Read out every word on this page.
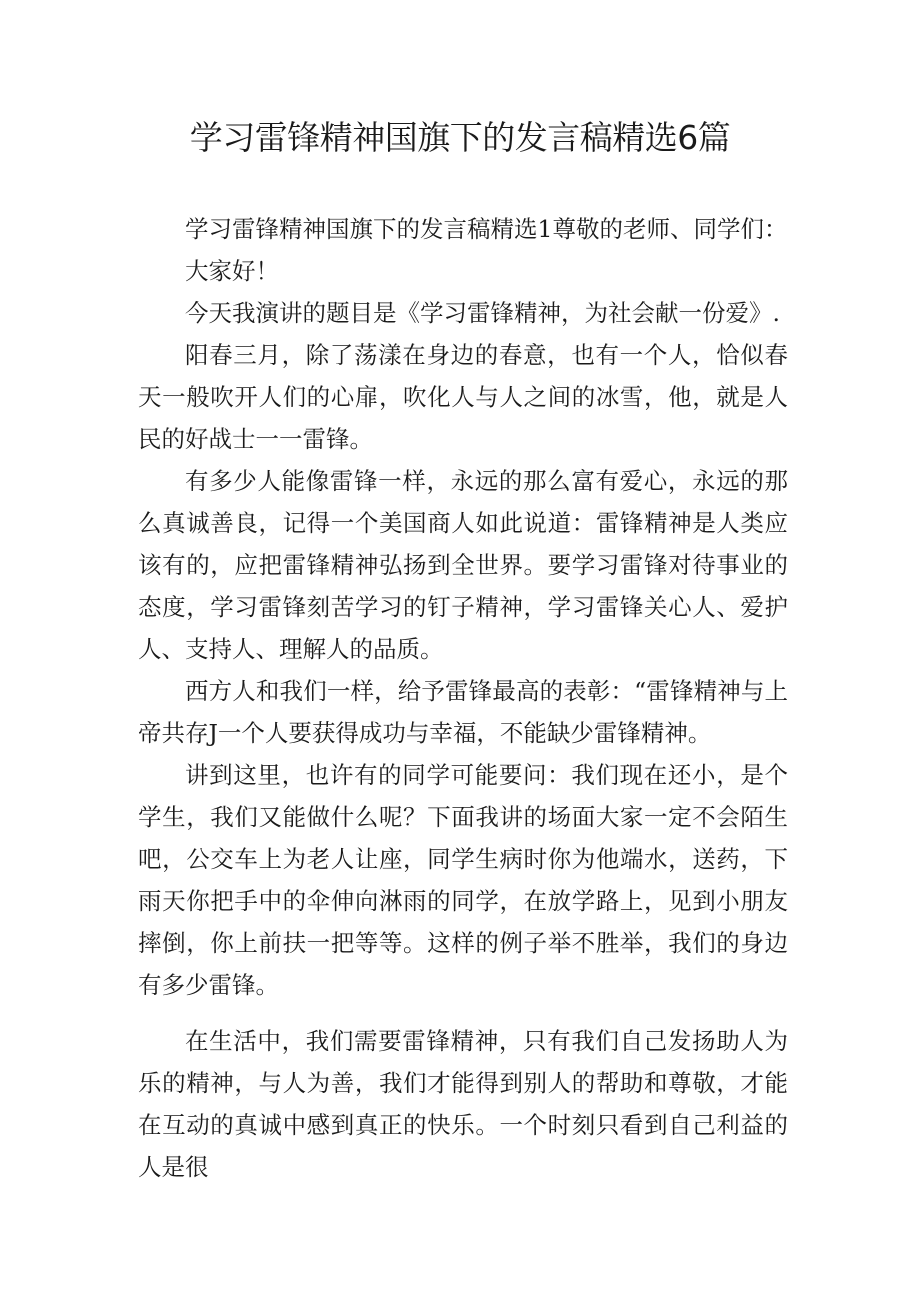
学习雷锋精神国旗下的发言稿精选6篇

学习雷锋精神国旗下的发言稿精选1尊敬的老师、同学们：

大家好！

今天我演讲的题目是《学习雷锋精神，为社会献一份爱》.

阳春三月，除了荡漾在身边的春意，也有一个人，恰似春天一般吹开人们的心扉，吹化人与人之间的冰雪，他，就是人民的好战士一一雷锋。

有多少人能像雷锋一样，永远的那么富有爱心，永远的那么真诚善良，记得一个美国商人如此说道：雷锋精神是人类应该有的，应把雷锋精神弘扬到全世界。要学习雷锋对待事业的态度，学习雷锋刻苦学习的钉子精神，学习雷锋关心人、爱护人、支持人、理解人的品质。

西方人和我们一样，给予雷锋最高的表彰：“雷锋精神与上帝共存J一个人要获得成功与幸福，不能缺少雷锋精神。

讲到这里，也许有的同学可能要问：我们现在还小，是个学生，我们又能做什么呢？下面我讲的场面大家一定不会陌生吧，公交车上为老人让座，同学生病时你为他端水，送药，下雨天你把手中的伞伸向淋雨的同学，在放学路上，见到小朋友摔倒，你上前扶一把等等。这样的例子举不胜举，我们的身边有多少雷锋。

在生活中，我们需要雷锋精神，只有我们自己发扬助人为乐的精神，与人为善，我们才能得到别人的帮助和尊敬，才能在互动的真诚中感到真正的快乐。一个时刻只看到自己利益的人是很
